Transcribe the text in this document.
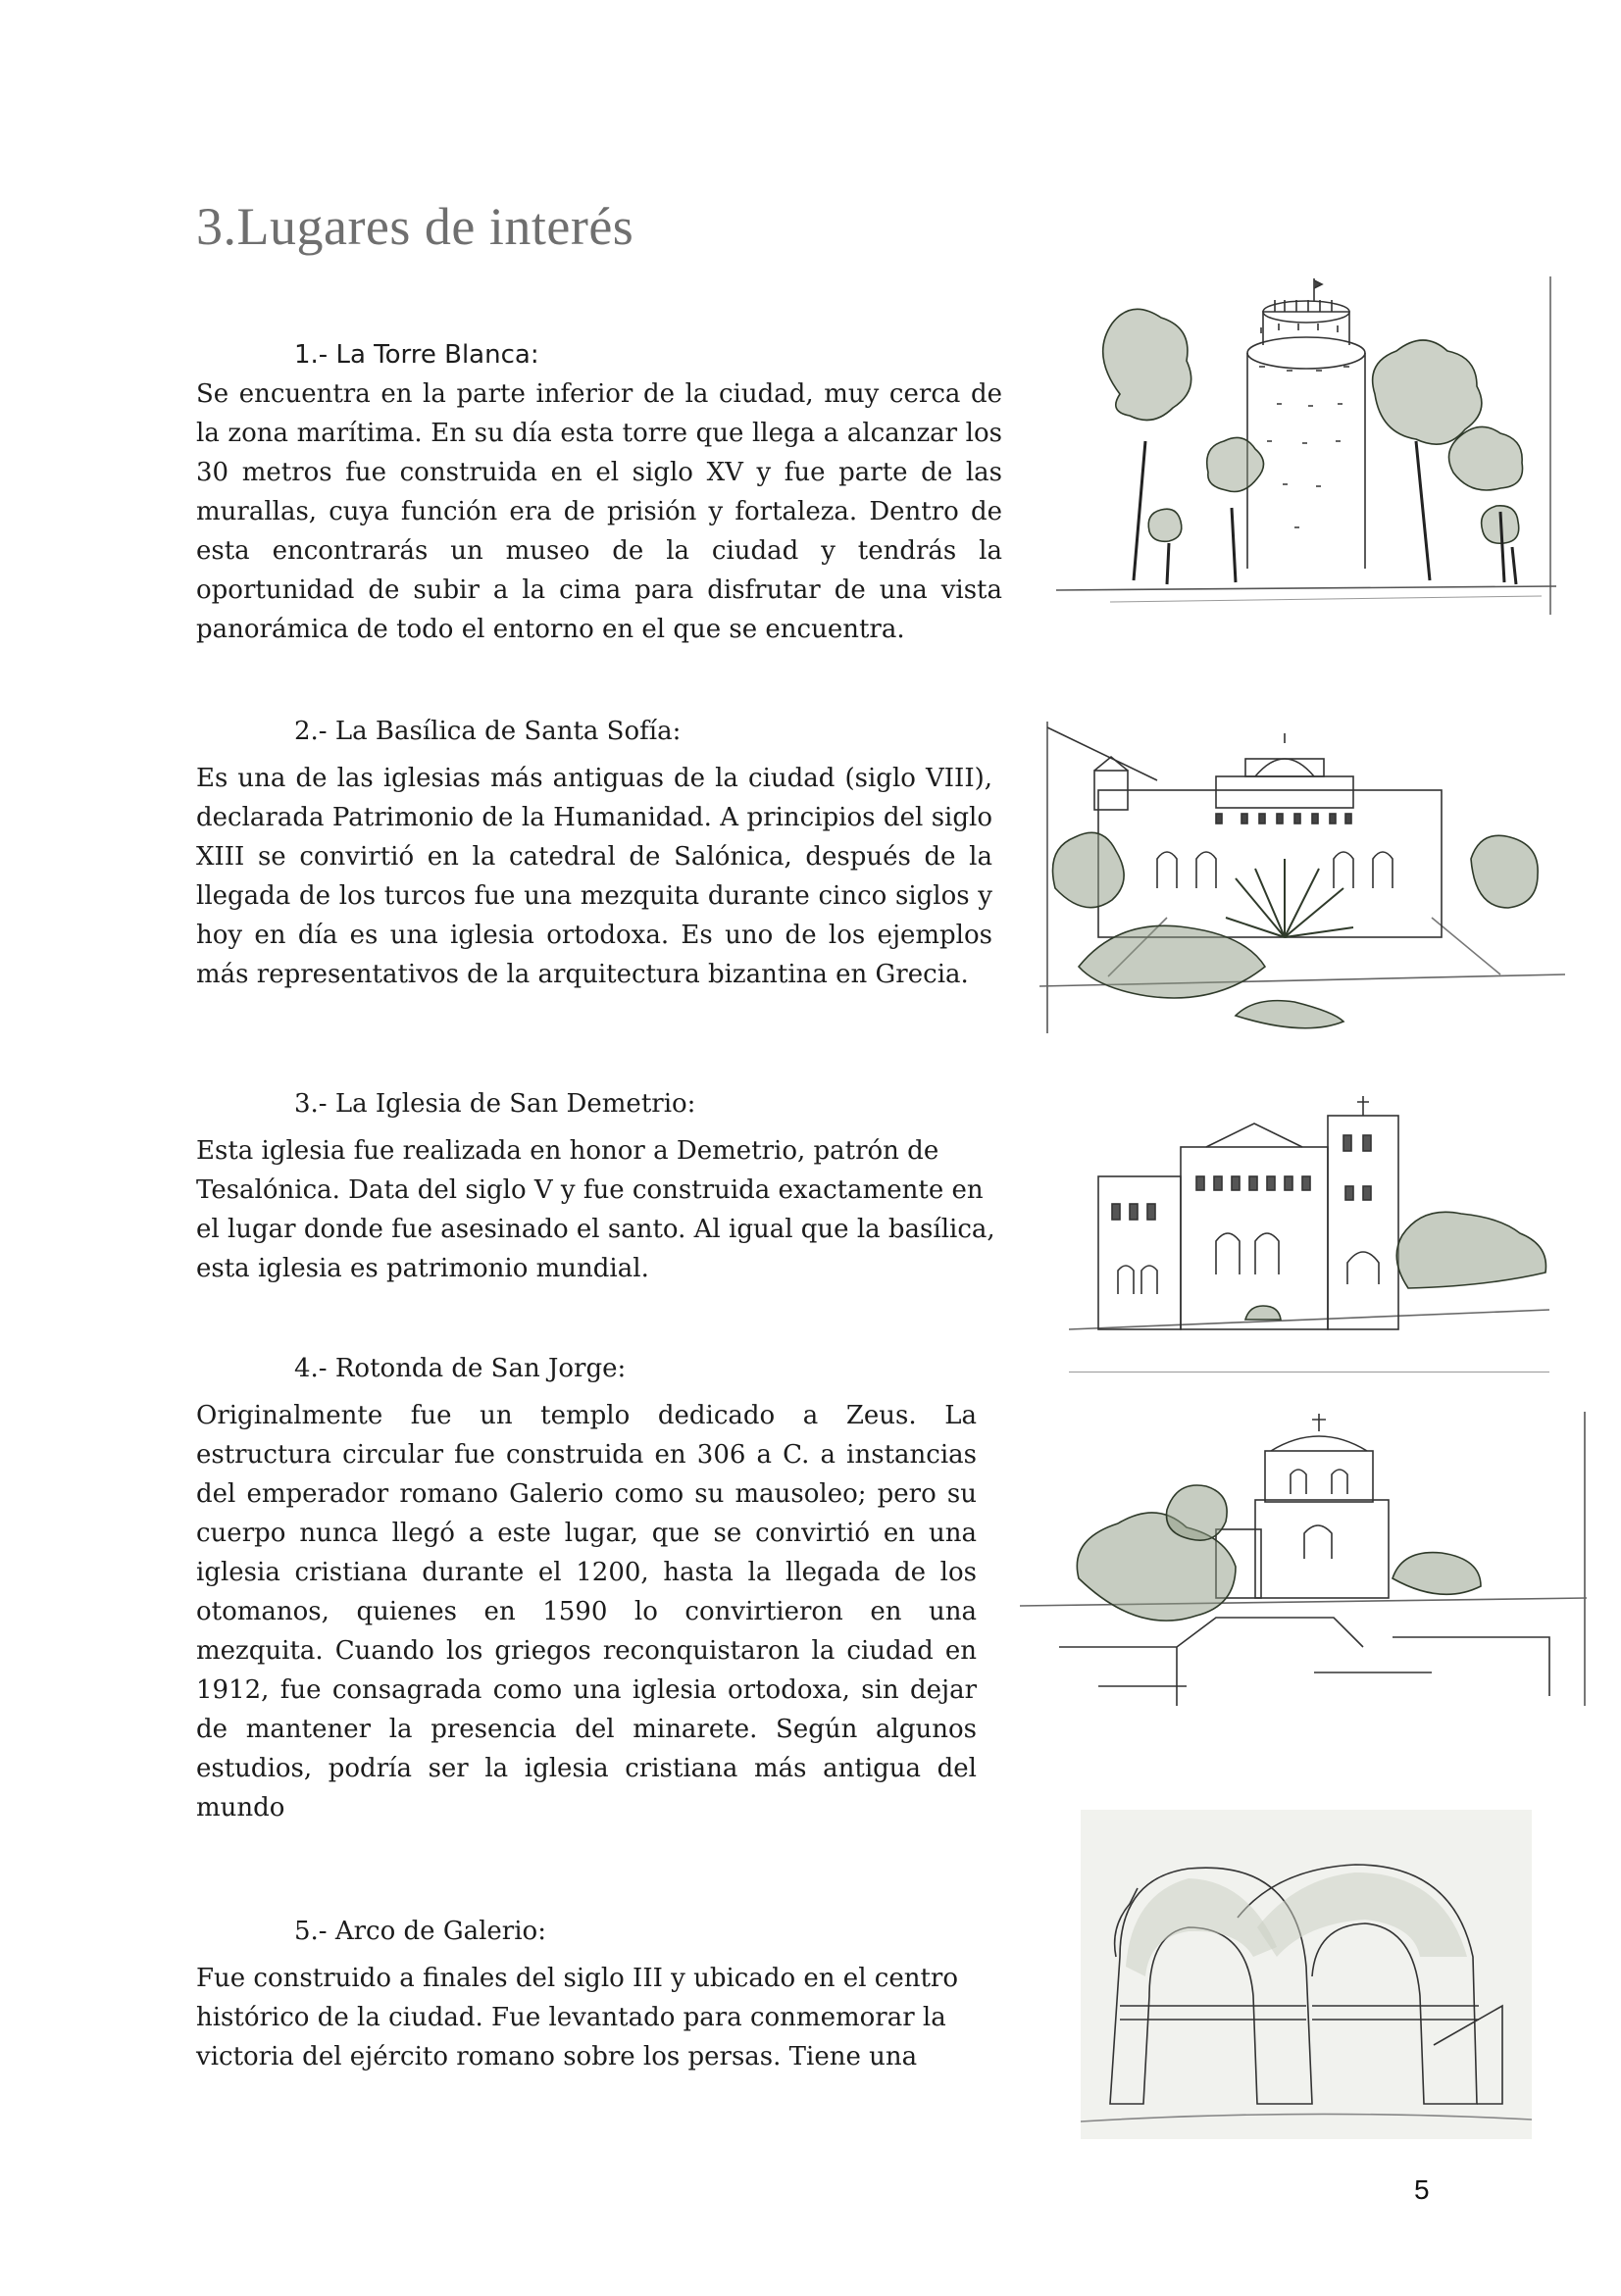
3.Lugares de interés

1.- La Torre Blanca:

Se encuentra en la parte inferior de la ciudad, muy cerca de la zona marítima. En su día esta torre que llega a alcanzar los 30 metros fue construida en el siglo XV y fue parte de las murallas, cuya función era de prisión y fortaleza. Dentro de esta encontrarás un museo de la ciudad y tendrás la oportunidad de subir a la cima para disfrutar de una vista panorámica de todo el entorno en el que se encuentra.

2.- La Basílica de Santa Sofía:

Es una de las iglesias más antiguas de la ciudad (siglo VIII), declarada Patrimonio de la Humanidad. A principios del siglo XIII se convirtió en la catedral de Salónica, después de la llegada de los turcos fue una mezquita durante cinco siglos y hoy en día es una iglesia ortodoxa. Es uno de los ejemplos más representativos de la arquitectura bizantina en Grecia.

3.- La Iglesia de San Demetrio:

Esta iglesia fue realizada en honor a Demetrio, patrón de Tesalónica. Data del siglo V y fue construida exactamente en el lugar donde fue asesinado el santo. Al igual que la basílica, esta iglesia es patrimonio mundial.

4.- Rotonda de San Jorge:

Originalmente fue un templo dedicado a Zeus. La estructura circular fue construida en 306 a C. a instancias del emperador romano Galerio como su mausoleo; pero su cuerpo nunca llegó a este lugar, que se convirtió en una iglesia cristiana durante el 1200, hasta la llegada de los otomanos, quienes en 1590 lo convirtieron en una mezquita. Cuando los griegos reconquistaron la ciudad en 1912, fue consagrada como una iglesia ortodoxa, sin dejar de mantener la presencia del minarete. Según algunos estudios, podría ser la iglesia cristiana más antigua del mundo

5.- Arco de Galerio:

Fue construido a finales del siglo III y ubicado en el centro histórico de la ciudad. Fue levantado para conmemorar la victoria del ejército romano sobre los persas. Tiene una

5
